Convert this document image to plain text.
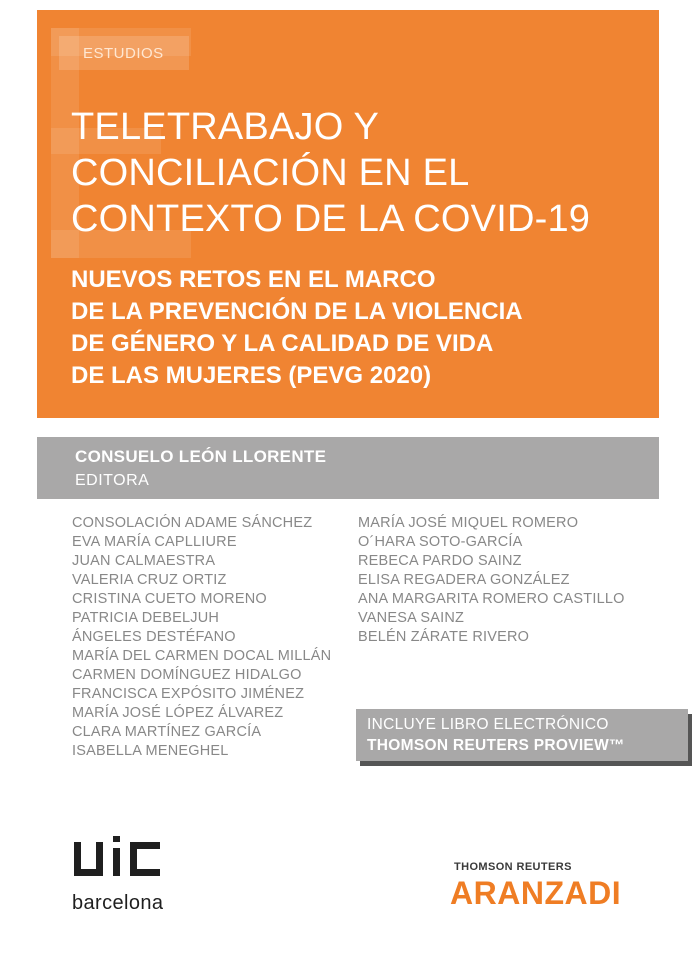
ESTUDIOS
TELETRABAJO Y
CONCILIACIÓN EN EL
CONTEXTO DE LA COVID-19
NUEVOS RETOS EN EL MARCO
DE LA PREVENCIÓN DE LA VIOLENCIA
DE GÉNERO Y LA CALIDAD DE VIDA
DE LAS MUJERES (PEVG 2020)
CONSUELO LEÓN LLORENTE
EDITORA
CONSOLACIÓN ADAME SÁNCHEZ
EVA MARÍA CAPLLIURE
JUAN CALMAESTRA
VALERIA CRUZ ORTIZ
CRISTINA CUETO MORENO
PATRICIA DEBELJUH
ÁNGELES DESTÉFANO
MARÍA DEL CARMEN DOCAL MILLÁN
CARMEN DOMÍNGUEZ HIDALGO
FRANCISCA EXPÓSITO JIMÉNEZ
MARÍA JOSÉ LÓPEZ ÁLVAREZ
CLARA MARTÍNEZ GARCÍA
ISABELLA MENEGHEL
MARÍA JOSÉ MIQUEL ROMERO
O´HARA SOTO-GARCÍA
REBECA PARDO SAINZ
ELISA REGADERA GONZÁLEZ
ANA MARGARITA ROMERO CASTILLO
VANESA SAINZ
BELÉN ZÁRATE RIVERO
INCLUYE LIBRO ELECTRÓNICO
THOMSON REUTERS PROVIEW™
barcelona
THOMSON REUTERS
ARANZADI
